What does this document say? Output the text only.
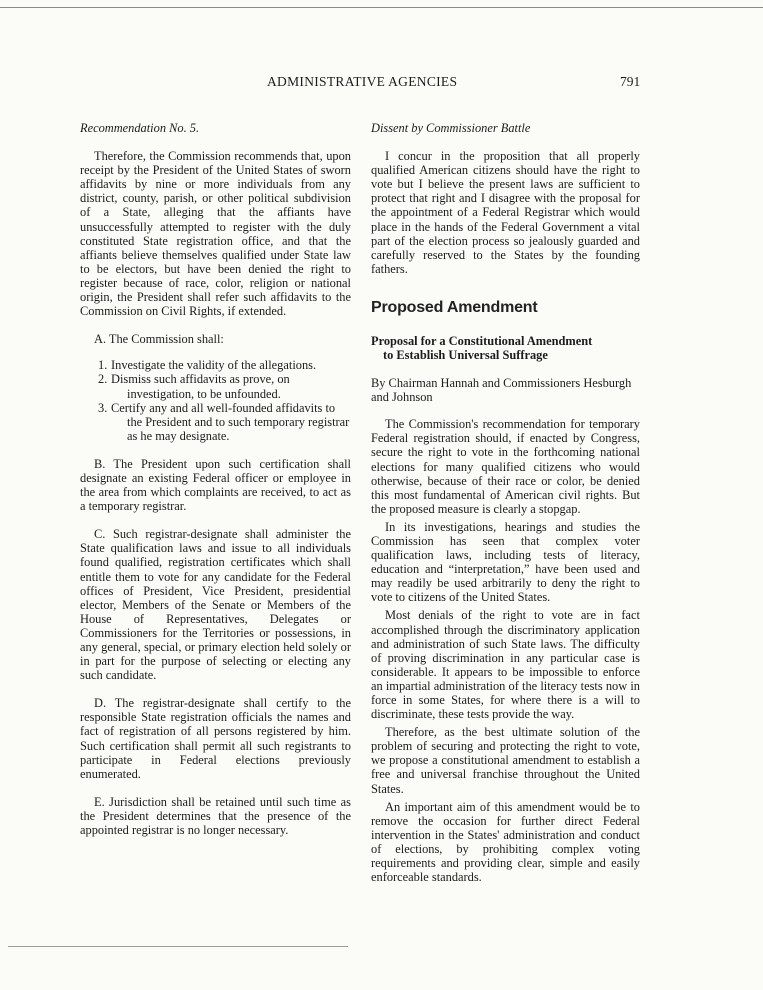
ADMINISTRATIVE AGENCIES	791

Recommendation No. 5.

Therefore, the Commission recommends that, upon receipt by the President of the United States of sworn affidavits by nine or more individuals from any district, county, parish, or other political subdivision of a State, alleging that the affiants have unsuccessfully attempted to register with the duly constituted State registration office, and that the affiants believe themselves qualified under State law to be electors, but have been denied the right to register because of race, color, religion or national origin, the President shall refer such affidavits to the Commission on Civil Rights, if extended.

A. The Commission shall:

1. Investigate the validity of the allegations.
2. Dismiss such affidavits as prove, on investigation, to be unfounded.
3. Certify any and all well-founded affidavits to the President and to such temporary registrar as he may designate.

B. The President upon such certification shall designate an existing Federal officer or employee in the area from which complaints are received, to act as a temporary registrar.

C. Such registrar-designate shall administer the State qualification laws and issue to all individuals found qualified, registration certificates which shall entitle them to vote for any candidate for the Federal offices of President, Vice President, presidential elector, Members of the Senate or Members of the House of Representatives, Delegates or Commissioners for the Territories or possessions, in any general, special, or primary election held solely or in part for the purpose of selecting or electing any such candidate.

D. The registrar-designate shall certify to the responsible State registration officials the names and fact of registration of all persons registered by him. Such certification shall permit all such registrants to participate in Federal elections previously enumerated.

E. Jurisdiction shall be retained until such time as the President determines that the presence of the appointed registrar is no longer necessary.

Dissent by Commissioner Battle

I concur in the proposition that all properly qualified American citizens should have the right to vote but I believe the present laws are sufficient to protect that right and I disagree with the proposal for the appointment of a Federal Registrar which would place in the hands of the Federal Government a vital part of the election process so jealously guarded and carefully reserved to the States by the founding fathers.

Proposed Amendment
Proposal for a Constitutional Amendment
to Establish Universal Suffrage

By Chairman Hannah and Commissioners Hesburgh and Johnson

The Commission's recommendation for temporary Federal registration should, if enacted by Congress, secure the right to vote in the forthcoming national elections for many qualified citizens who would otherwise, because of their race or color, be denied this most fundamental of American civil rights. But the proposed measure is clearly a stopgap.

In its investigations, hearings and studies the Commission has seen that complex voter qualification laws, including tests of literacy, education and “interpretation,” have been used and may readily be used arbitrarily to deny the right to vote to citizens of the United States.

Most denials of the right to vote are in fact accomplished through the discriminatory application and administration of such State laws. The difficulty of proving discrimination in any particular case is considerable. It appears to be impossible to enforce an impartial administration of the literacy tests now in force in some States, for where there is a will to discriminate, these tests provide the way.

Therefore, as the best ultimate solution of the problem of securing and protecting the right to vote, we propose a constitutional amendment to establish a free and universal franchise throughout the United States.

An important aim of this amendment would be to remove the occasion for further direct Federal intervention in the States' administration and conduct of elections, by prohibiting complex voting requirements and providing clear, simple and easily enforceable standards.
